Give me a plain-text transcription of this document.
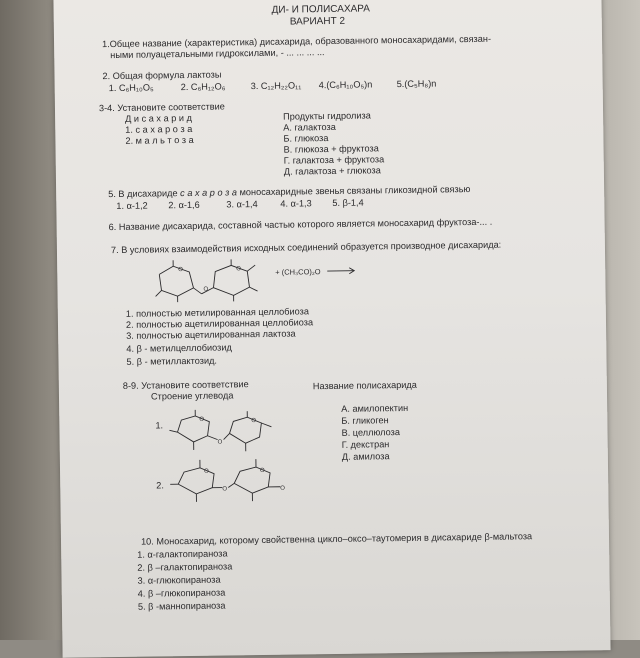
ДИ- И ПОЛИСАХАРА
ВАРИАНТ 2
1.Общее название (характеристика) дисахарида, образованного моносахаридами, связан-
ными полуацетальными гидроксилами, - ... ... ... ...
2. Общая формула лактозы
1. C₆H₁₀O₅	2. C₆H₁₂O₆	3. C₁₂H₂₂O₁₁ 4.(C₆H₁₀O₅)n	5.(C₅H₈)n
3-4. Установите соответствие
Д и с а х а р и д
1. с а х а р о з а
2. м а л ь т о з а
Продукты гидролиза
А. галактоза
Б. глюкоза
В. глюкоза + фруктоза
Г. галактоза + фруктоза
Д. галактоза + глюкоза
5. В дисахариде с а х а р о з а моносахаридные звенья связаны гликозидной связью
1. α-1,2 2. α-1,6	3. α-1,4 4. α-1,3 5. β-1,4
6. Название дисахарида, составной частью которого является моносахарид фруктоза-... .
7. В условиях взаимодействия исходных соединений образуется производное дисахарида:
O
O
O	+ (CH₃CO)₂O
1. полностью метилированная целлобиоза
2. полностью ацетилированная целлобиоза
3. полностью ацетилированная лактоза
4. β - метилцеллобиозид
5. β - метиллактозид.
8-9. Установите соответствие
Строение углевода
Название полисахарида
1.
O
O
O
2.
O
O
O
O
А. амилопектин
Б. гликоген
В. целлюлоза
Г. декстран
Д. амилоза
10. Моносахарид, которому свойственна цикло–оксо–таутомерия в дисахариде β-мальтоза
1. α-галактопираноза
2. β –галактопираноза
3. α-глюкопираноза
4. β –глюкопираноза
5. β -маннопираноза
